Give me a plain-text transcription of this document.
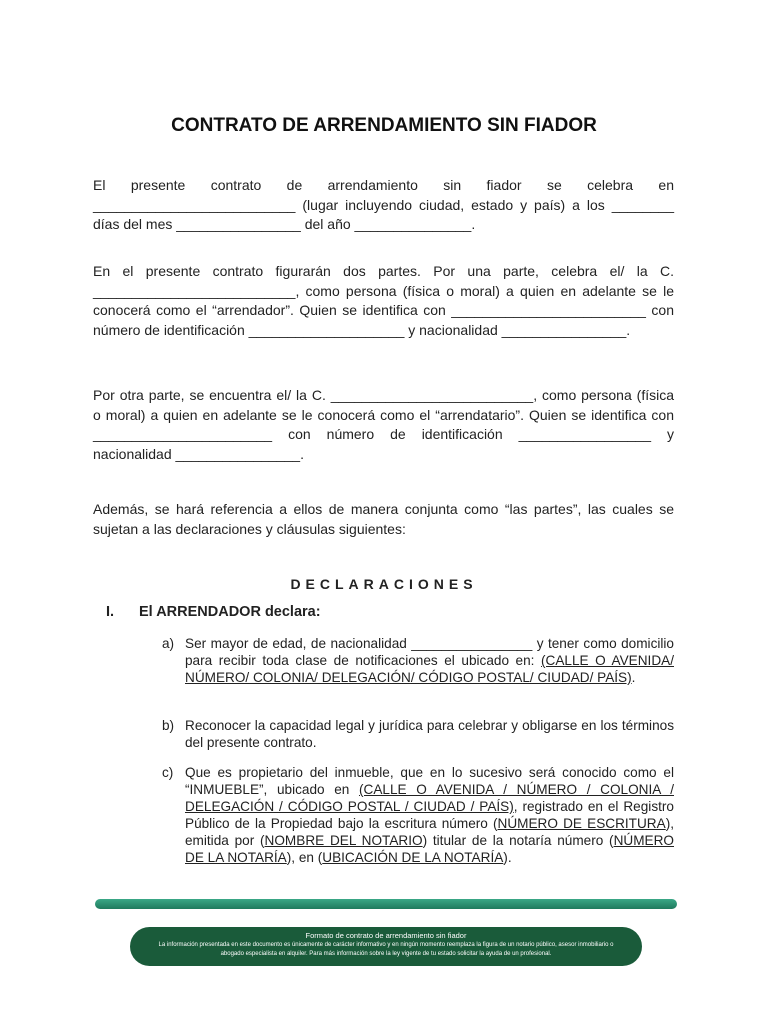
CONTRATO DE ARRENDAMIENTO SIN FIADOR

El presente contrato de arrendamiento sin fiador se celebra en __________________________ (lugar incluyendo ciudad, estado y país) a los ________ días del mes ________________ del año _______________.

En el presente contrato figurarán dos partes. Por una parte, celebra el/ la C. __________________________, como persona (física o moral) a quien en adelante se le conocerá como el “arrendador”. Quien se identifica con _________________________ con número de identificación ____________________ y nacionalidad ________________.

Por otra parte, se encuentra el/ la C. __________________________, como persona (física o moral) a quien en adelante se le conocerá como el “arrendatario”. Quien se identifica con _______________________ con número de identificación _________________ y nacionalidad ________________.

Además, se hará referencia a ellos de manera conjunta como “las partes”, las cuales se sujetan a las declaraciones y cláusulas siguientes:

DECLARACIONES
I. El ARRENDADOR declara:
a) Ser mayor de edad, de nacionalidad ________________ y tener como domicilio para recibir toda clase de notificaciones el ubicado en: (CALLE O AVENIDA/ NÚMERO/ COLONIA/ DELEGACIÓN/ CÓDIGO POSTAL/ CIUDAD/ PAÍS).
b) Reconocer la capacidad legal y jurídica para celebrar y obligarse en los términos del presente contrato.
c) Que es propietario del inmueble, que en lo sucesivo será conocido como el “INMUEBLE”, ubicado en (CALLE O AVENIDA / NÚMERO / COLONIA / DELEGACIÓN / CÓDIGO POSTAL / CIUDAD / PAÍS), registrado en el Registro Público de la Propiedad bajo la escritura número (NÚMERO DE ESCRITURA), emitida por (NOMBRE DEL NOTARIO) titular de la notaría número (NÚMERO DE LA NOTARÍA), en (UBICACIÓN DE LA NOTARÍA).
Formato de contrato de arrendamiento sin fiador
La información presentada en este documento es únicamente de carácter informativo y en ningún momento reemplaza la figura de un notario público, asesor inmobiliario o abogado especialista en alquiler. Para más información sobre la ley vigente de tu estado solicitar la ayuda de un profesional.
